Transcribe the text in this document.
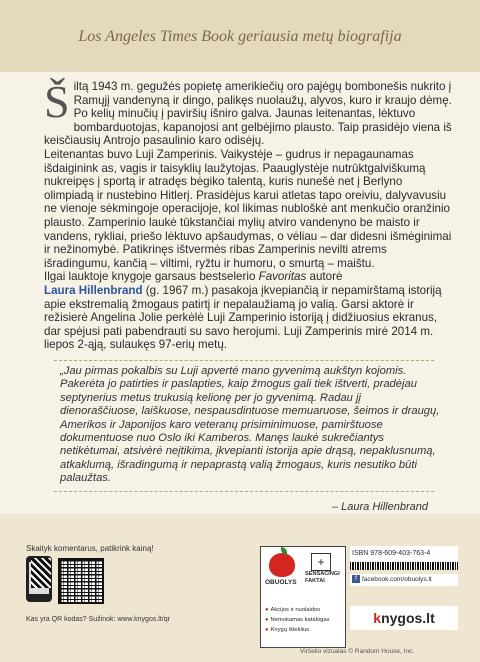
Los Angeles Times Book geriausia metų biografija

Šiltą 1943 m. gegužės popietę amerikiečių oro pajėgų bombonešis nukrito į Ramųjį vandenyną ir dingo, palikęs nuolaužų, alyvos, kuro ir kraujo dėmę. Po kelių minučių į paviršių išniro galva. Jaunas leitenantas, lėktuvo bombarduotojas, kapanojosi ant gelbėjimo plausto. Taip prasidėjo viena iš keisčiausių Antrojo pasaulinio karo odisėjų.

Leitenantas buvo Luji Zamperinis. Vaikystėje – gudrus ir nepagaunamas išdaiginink as, vagis ir taisyklių laužytojas. Paauglystėje nutrūktgalviškumą nukreipęs į sportą ir atradęs bėgiko talentą, kuris nunešė net į Berlyno olimpiadą ir nustebino Hitlerį. Prasidėjus karui atletas tapo oreiviu, dalyvavusiu ne vienoje sėkmingoje operacijoje, kol likimas nubloškė ant menkučio oranžinio plausto. Zamperinio laukė tūkstančiai mylių atviro vandenyno be maisto ir vandens, rykliai, priešo lėktuvo apšaudymas, o vėliau – dar didesni išmėginimai ir nežinomybė. Patikrinęs ištvermės ribas Zamperinis nevilti atrems išradingumu, kančią – viltimi, ryžtu ir humoru, o smurtą – maištu.

Ilgai lauktoje knygoje garsaus bestselerio Favoritas autorė
Laura Hillenbrand (g. 1967 m.) pasakoja įkvepiančią ir nepamirštamą istoriją apie ekstremalią žmogaus patirtį ir nepalaužiamą jo valią. Garsi aktorė ir režisierė Angelina Jolie perkėlė Luji Zamperinio istoriją į didžiuosius ekranus, dar spėjusi pati pabendrauti su savo herojumi. Luji Zamperinis mirė 2014 m. liepos 2-ąją, sulaukęs 97-erių metų.

„Jau pirmas pokalbis su Luji apvertė mano gyvenimą aukštyn kojomis. Pakerėta jo patirties ir paslapties, kaip žmogus gali tiek ištverti, pradėjau septynerius metus trukusią kelionę per jo gyvenimą. Radau jį dienoraščiuose, laiškuose, nespausdintuose memuaruose, šeimos ir draugų, Amerikos ir Japonijos karo veteranų prisiminimuose, pamirštuose dokumentuose nuo Oslo iki Kamberos. Manęs laukė sukrečiantys netikėtumai, atsivėrė neįtikima, įkvepianti istorija apie drąsą, nepaklusnumą, atkaklumą, išradingumą ir nepaprastą valią žmogaus, kuris nesutiko būti palaužtas.
– Laura Hillenbrand
Skaityk komentarus, patikrink kainą!
Kas yra QR kodas? Sužinok: www.knygos.lt/qr
OBUOLYS
+
SENSACINGI FAKTAI
● Akcijos ir nuolaidos
● Nemokamas katalogas
● Knygų išteklius
ISBN 978-609-403-763-4
f facebook.com/obuolys.lt
knygos.lt
Viršelio vizualas © Random House, Inc.
